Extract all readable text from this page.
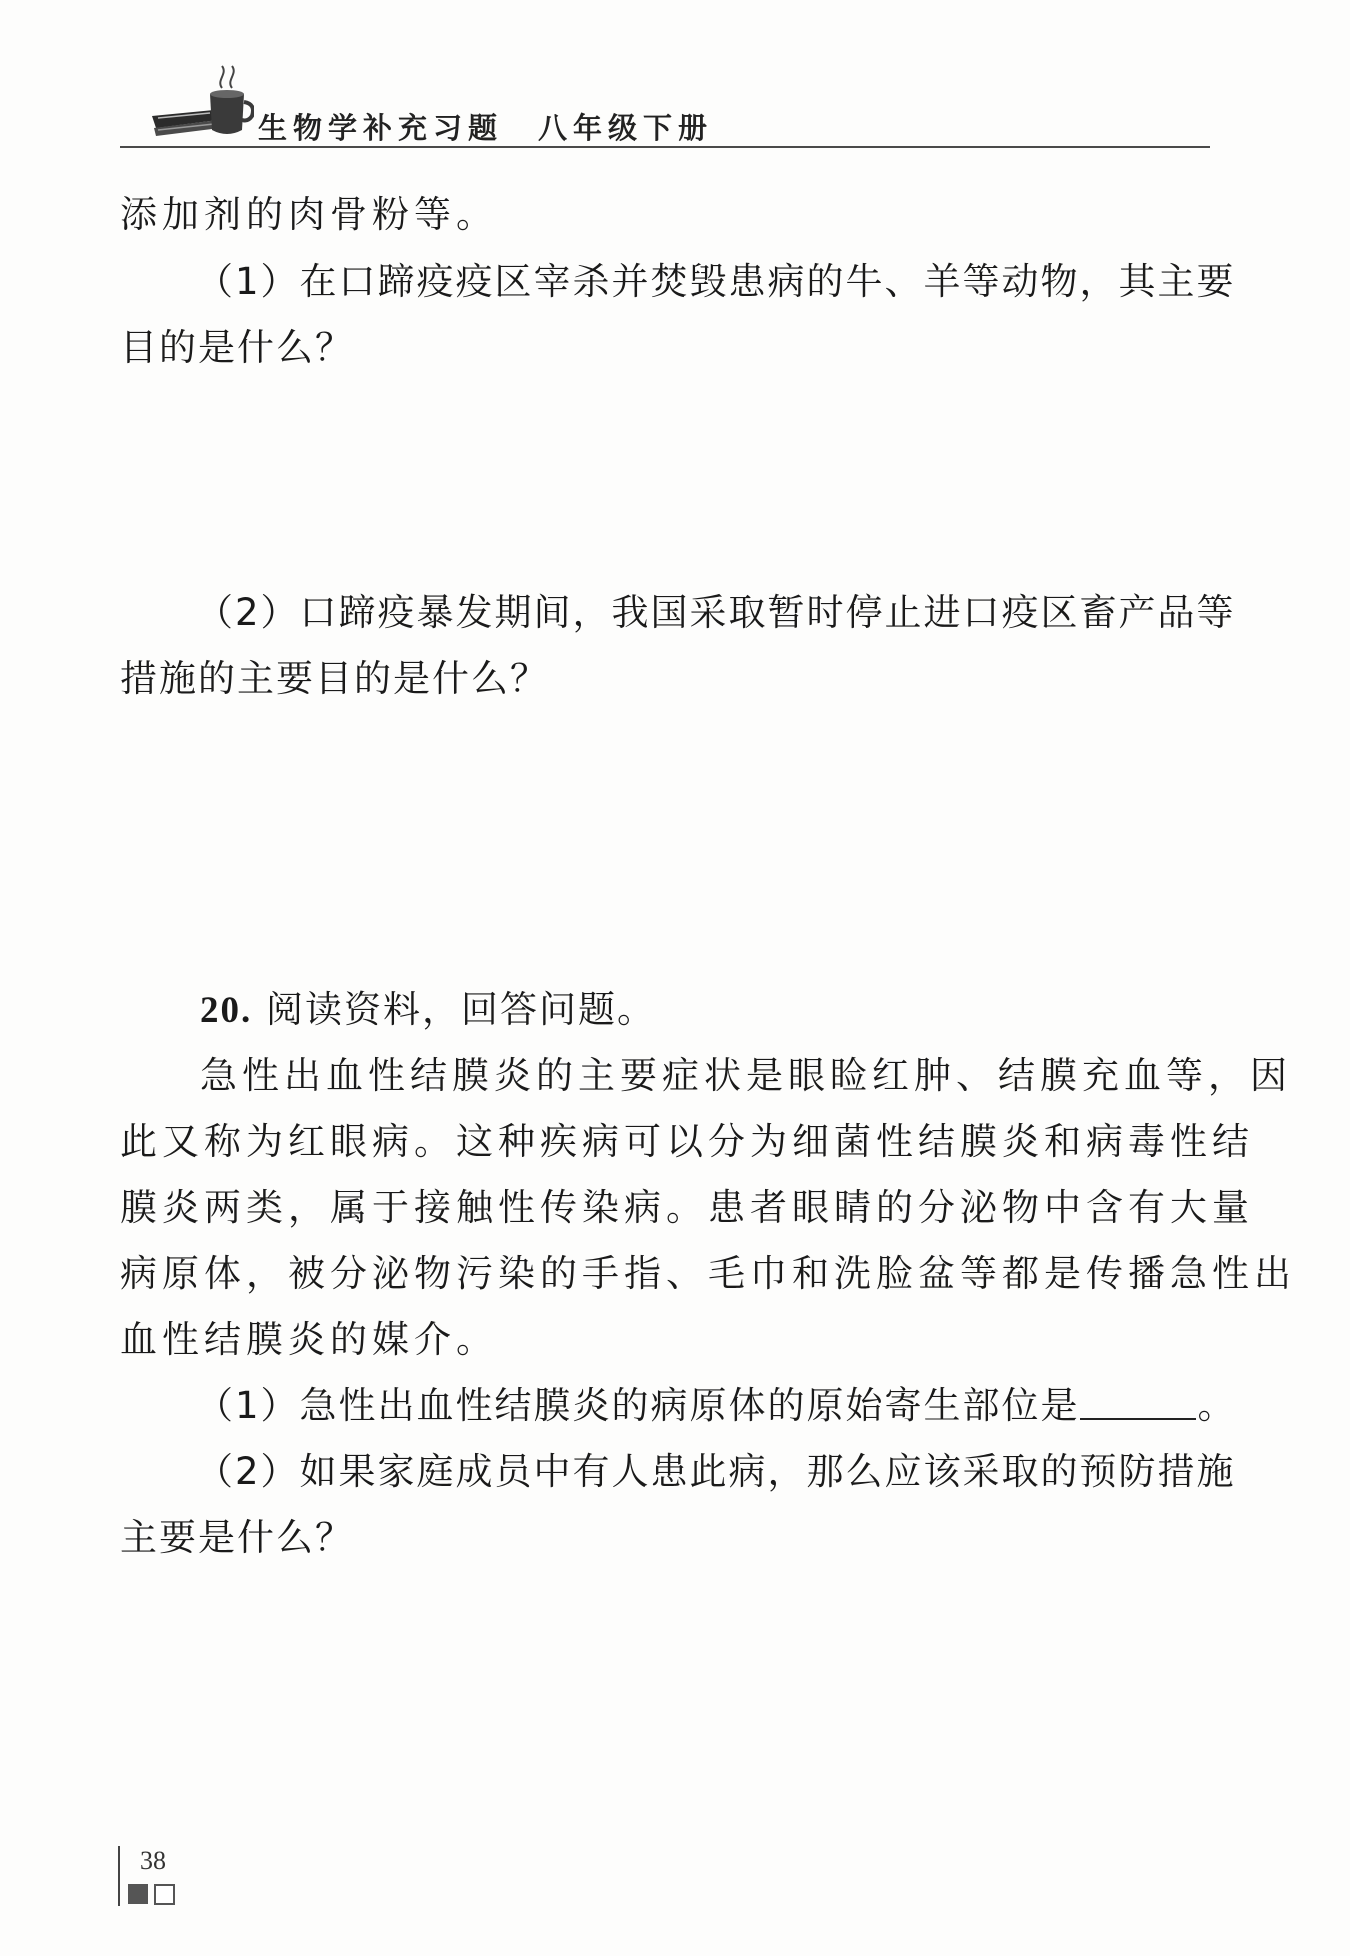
生物学补充习题　八年级下册
添加剂的肉骨粉等。
（1）在口蹄疫疫区宰杀并焚毁患病的牛、羊等动物，其主要
目的是什么？
（2）口蹄疫暴发期间，我国采取暂时停止进口疫区畜产品等
措施的主要目的是什么？
20. 阅读资料，回答问题。
急性出血性结膜炎的主要症状是眼睑红肿、结膜充血等，因
此又称为红眼病。这种疾病可以分为细菌性结膜炎和病毒性结
膜炎两类，属于接触性传染病。患者眼睛的分泌物中含有大量
病原体，被分泌物污染的手指、毛巾和洗脸盆等都是传播急性出
血性结膜炎的媒介。
（1）急性出血性结膜炎的病原体的原始寄生部位是	。
（2）如果家庭成员中有人患此病，那么应该采取的预防措施
主要是什么？
38
